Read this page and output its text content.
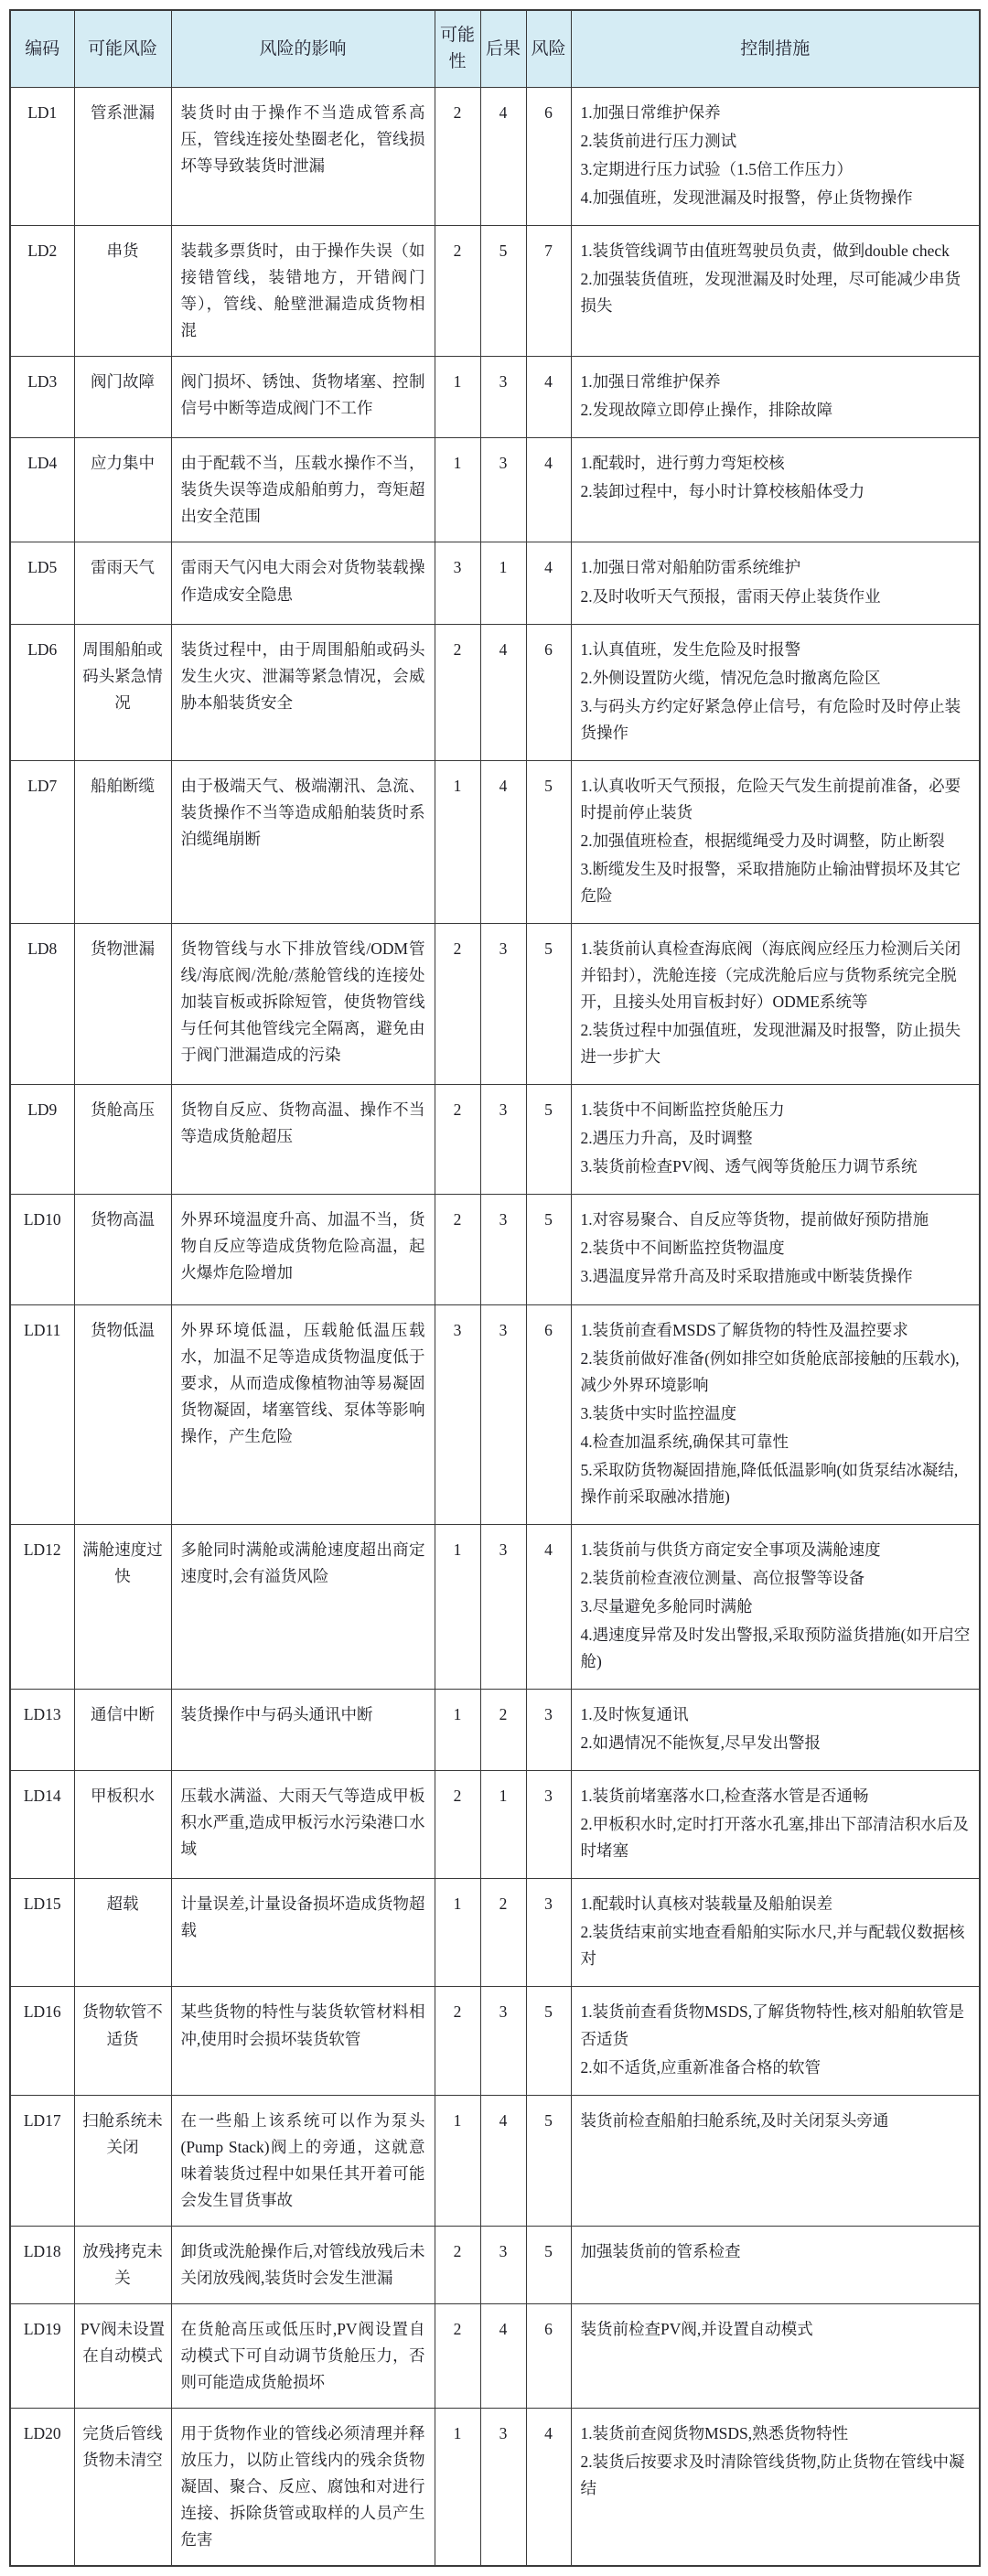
编码	可能风险	风险的影响	可能性	后果	风险	控制措施
LD1	管系泄漏	装货时由于操作不当造成管系高压，管线连接处垫圈老化，管线损坏等导致装货时泄漏	2	4	6	1.加强日常维护保养
2.装货前进行压力测试
3.定期进行压力试验（1.5倍工作压力）
4.加强值班，发现泄漏及时报警，停止货物操作

LD2	串货	装载多票货时，由于操作失误（如接错管线，装错地方，开错阀门等），管线、舱壁泄漏造成货物相混	2	5	7	1.装货管线调节由值班驾驶员负责，做到double check
2.加强装货值班，发现泄漏及时处理，尽可能减少串货损失

LD3	阀门故障	阀门损坏、锈蚀、货物堵塞、控制信号中断等造成阀门不工作	1	3	4	1.加强日常维护保养
2.发现故障立即停止操作，排除故障

LD4	应力集中	由于配载不当，压载水操作不当，装货失误等造成船舶剪力，弯矩超出安全范围	1	3	4	1.配载时，进行剪力弯矩校核
2.装卸过程中，每小时计算校核船体受力

LD5	雷雨天气	雷雨天气闪电大雨会对货物装载操作造成安全隐患	3	1	4	1.加强日常对船舶防雷系统维护
2.及时收听天气预报，雷雨天停止装货作业

LD6	周围船舶或码头紧急情况	装货过程中，由于周围船舶或码头发生火灾、泄漏等紧急情况，会威胁本船装货安全	2	4	6	1.认真值班，发生危险及时报警
2.外侧设置防火缆，情况危急时撤离危险区
3.与码头方约定好紧急停止信号，有危险时及时停止装货操作

LD7	船舶断缆	由于极端天气、极端潮汛、急流、装货操作不当等造成船舶装货时系泊缆绳崩断	1	4	5	1.认真收听天气预报，危险天气发生前提前准备，必要时提前停止装货
2.加强值班检查，根据缆绳受力及时调整，防止断裂
3.断缆发生及时报警，采取措施防止输油臂损坏及其它危险

LD8	货物泄漏	货物管线与水下排放管线/ODM管线/海底阀/洗舱/蒸舱管线的连接处加装盲板或拆除短管，使货物管线与任何其他管线完全隔离，避免由于阀门泄漏造成的污染	2	3	5	1.装货前认真检查海底阀（海底阀应经压力检测后关闭并铅封），洗舱连接（完成洗舱后应与货物系统完全脱开，且接头处用盲板封好）ODME系统等
2.装货过程中加强值班，发现泄漏及时报警，防止损失进一步扩大

LD9	货舱高压	货物自反应、货物高温、操作不当等造成货舱超压	2	3	5	1.装货中不间断监控货舱压力
2.遇压力升高，及时调整
3.装货前检查PV阀、透气阀等货舱压力调节系统

LD10	货物高温	外界环境温度升高、加温不当，货物自反应等造成货物危险高温，起火爆炸危险增加	2	3	5	1.对容易聚合、自反应等货物，提前做好预防措施
2.装货中不间断监控货物温度
3.遇温度异常升高及时采取措施或中断装货操作

LD11	货物低温	外界环境低温，压载舱低温压载水，加温不足等造成货物温度低于要求，从而造成像植物油等易凝固货物凝固，堵塞管线、泵体等影响操作，产生危险	3	3	6	1.装货前查看MSDS了解货物的特性及温控要求
2.装货前做好准备(例如排空如货舱底部接触的压载水),减少外界环境影响
3.装货中实时监控温度
4.检查加温系统,确保其可靠性
5.采取防货物凝固措施,降低低温影响(如货泵结冰凝结,操作前采取融冰措施)

LD12	满舱速度过快	多舱同时满舱或满舱速度超出商定速度时,会有溢货风险	1	3	4	1.装货前与供货方商定安全事项及满舱速度
2.装货前检查液位测量、高位报警等设备
3.尽量避免多舱同时满舱
4.遇速度异常及时发出警报,采取预防溢货措施(如开启空舱)

LD13	通信中断	装货操作中与码头通讯中断	1	2	3	1.及时恢复通讯
2.如遇情况不能恢复,尽早发出警报

LD14	甲板积水	压载水满溢、大雨天气等造成甲板积水严重,造成甲板污水污染港口水域	2	1	3	1.装货前堵塞落水口,检查落水管是否通畅
2.甲板积水时,定时打开落水孔塞,排出下部清洁积水后及时堵塞

LD15	超载	计量误差,计量设备损坏造成货物超载	1	2	3	1.配载时认真核对装载量及船舶误差
2.装货结束前实地查看船舶实际水尺,并与配载仪数据核对

LD16	货物软管不适货	某些货物的特性与装货软管材料相冲,使用时会损坏装货软管	2	3	5	1.装货前查看货物MSDS,了解货物特性,核对船舶软管是否适货
2.如不适货,应重新准备合格的软管

LD17	扫舱系统未关闭	在一些船上该系统可以作为泵头(Pump Stack)阀上的旁通，这就意味着装货过程中如果任其开着可能会发生冒货事故	1	4	5	装货前检查船舶扫舱系统,及时关闭泵头旁通

LD18	放残拷克未关	卸货或洗舱操作后,对管线放残后未关闭放残阀,装货时会发生泄漏	2	3	5	加强装货前的管系检查

LD19	PV阀未设置在自动模式	在货舱高压或低压时,PV阀设置自动模式下可自动调节货舱压力，否则可能造成货舱损坏	2	4	6	装货前检查PV阀,并设置自动模式

LD20	完货后管线货物未清空	用于货物作业的管线必须清理并释放压力，以防止管线内的残余货物凝固、聚合、反应、腐蚀和对进行连接、拆除货管或取样的人员产生危害	1	3	4	1.装货前查阅货物MSDS,熟悉货物特性
2.装货后按要求及时清除管线货物,防止货物在管线中凝结
